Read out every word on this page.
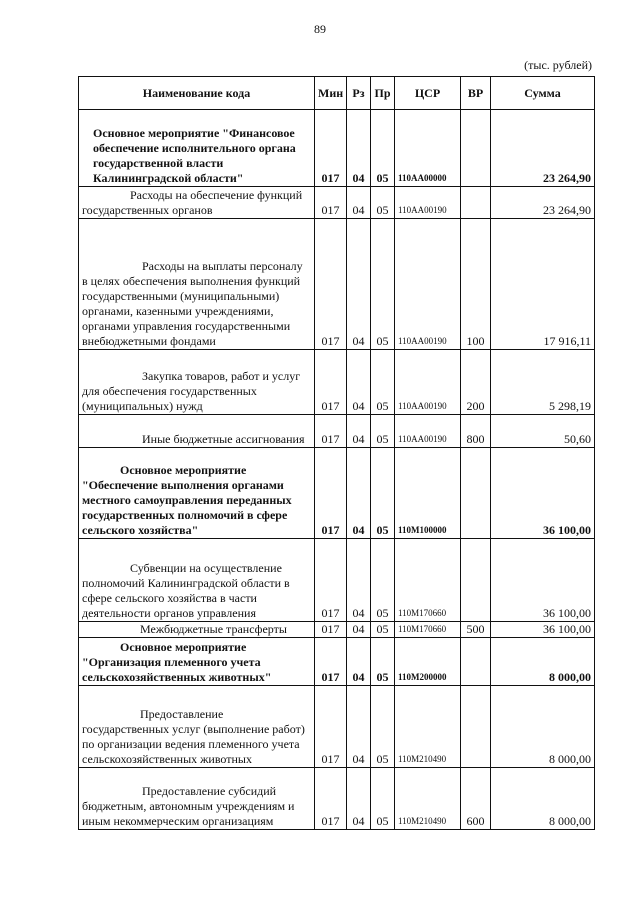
89
(тыс. рублей)
Наименование кода	Мин	Рз	Пр	ЦСР	ВР	Сумма
Основное мероприятие "Финансовое обеспечение исполнительного органа государственной власти Калининградской области"	017	04	05	110АА00000		23 264,90
Расходы на обеспечение функций государственных органов	017	04	05	110АА00190		23 264,90
Расходы на выплаты персоналу в целях обеспечения выполнения функций государственными (муниципальными) органами, казенными учреждениями, органами управления государственными внебюджетными фондами	017	04	05	110АА00190	100	17 916,11
Закупка товаров, работ и услуг для обеспечения государственных (муниципальных) нужд	017	04	05	110АА00190	200	5 298,19
Иные бюджетные ассигнования	017	04	05	110АА00190	800	50,60
Основное мероприятие "Обеспечение выполнения органами местного самоуправления переданных государственных полномочий в сфере сельского хозяйства"	017	04	05	110М100000		36 100,00
Субвенции на осуществление полномочий Калининградской области в сфере сельского хозяйства в части деятельности органов управления	017	04	05	110М170660		36 100,00
Межбюджетные трансферты	017	04	05	110М170660	500	36 100,00
Основное мероприятие "Организация племенного учета сельскохозяйственных животных"	017	04	05	110М200000		8 000,00
Предоставление государственных услуг (выполнение работ) по организации ведения племенного учета сельскохозяйственных животных	017	04	05	110М210490		8 000,00
Предоставление субсидий бюджетным, автономным учреждениям и иным некоммерческим организациям	017	04	05	110М210490	600	8 000,00
